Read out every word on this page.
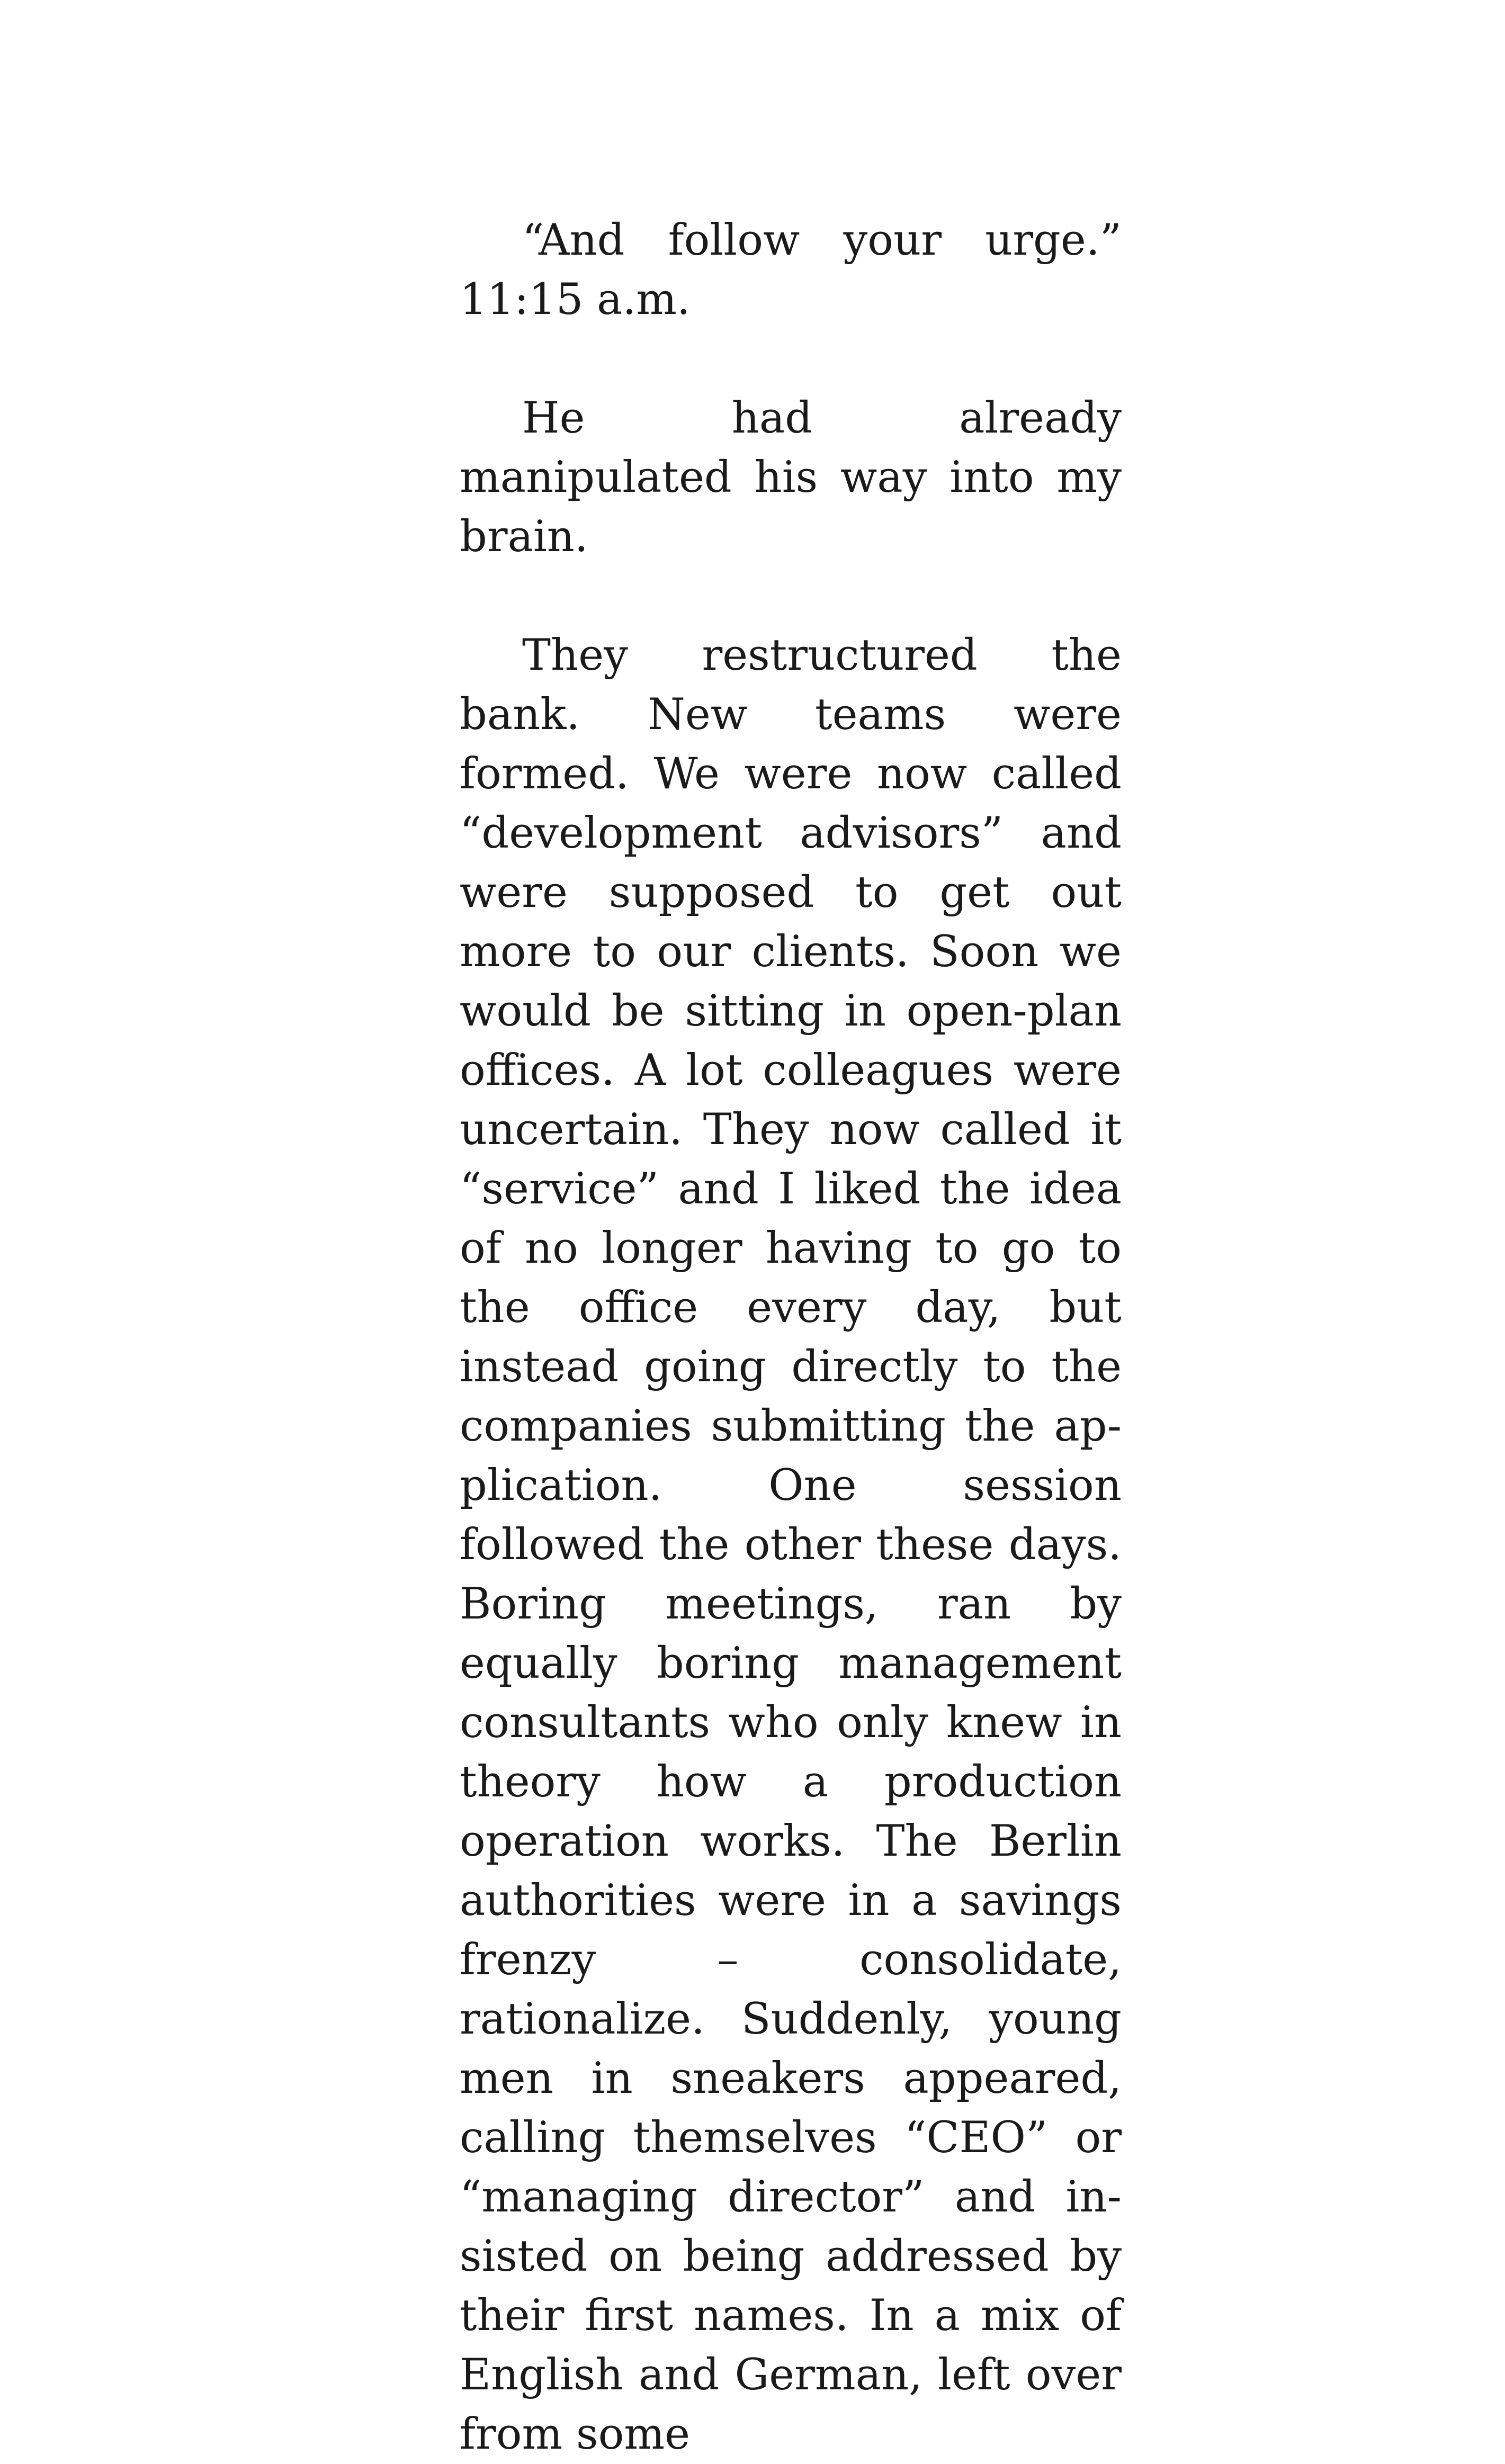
“And follow your urge.” 11:15 a.m.

He had already manipulated his way into my brain.

They restructured the bank. New teams were formed. We were now called “development advisors” and were supposed to get out more to our clients. Soon we would be sitting in open-plan offices. A lot colleagues were uncertain. They now called it “service” and I liked the idea of no longer having to go to the office every day, but instead going directly to the companies submitting the application. One session followed the other these days. Boring meetings, ran by equally boring management consultants who only knew in theory how a production operation works. The Berlin authorities were in a savings frenzy – consolidate, rationalize. Suddenly, young men in sneakers appeared, calling themselves “CEO” or “managing director” and insisted on being addressed by their first names. In a mix of English and German, left over from some
